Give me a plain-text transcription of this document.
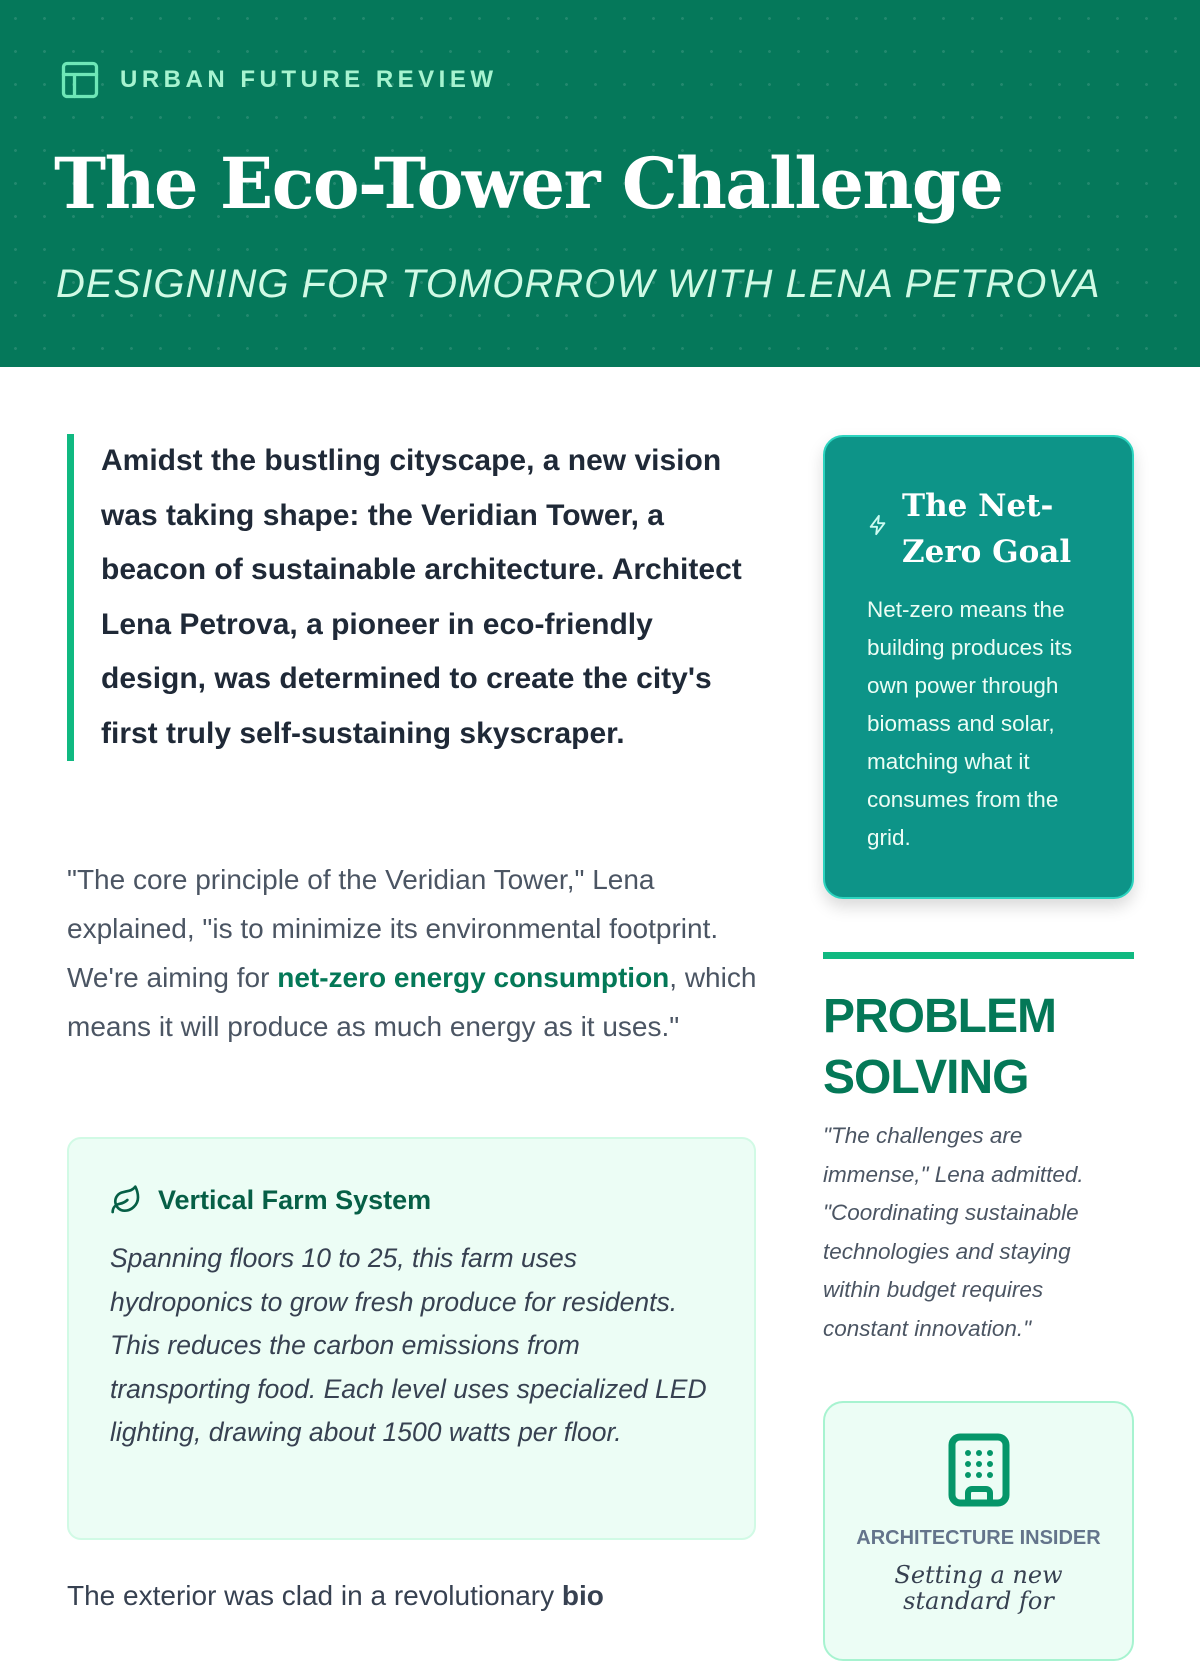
URBAN FUTURE REVIEW
The Eco-Tower Challenge
DESIGNING FOR TOMORROW WITH LENA PETROVA
Amidst the bustling cityscape, a new vision was taking shape: the Veridian Tower, a beacon of sustainable architecture. Architect Lena Petrova, a pioneer in eco-friendly design, was determined to create the city's first truly self-sustaining skyscraper.

"The core principle of the Veridian Tower," Lena explained, "is to minimize its environmental footprint. We're aiming for net-zero energy consumption, which means it will produce as much energy as it uses."

Vertical Farm System

Spanning floors 10 to 25, this farm uses hydroponics to grow fresh produce for residents. This reduces the carbon emissions from transporting food. Each level uses specialized LED lighting, drawing about 1500 watts per floor.

The exterior was clad in a revolutionary bio

The Net-Zero Goal

Net-zero means the building produces its own power through biomass and solar, matching what it consumes from the grid.

PROBLEM SOLVING

"The challenges are immense," Lena admitted. "Coordinating sustainable technologies and staying within budget requires constant innovation."

ARCHITECTURE INSIDER
Setting a new standard for
